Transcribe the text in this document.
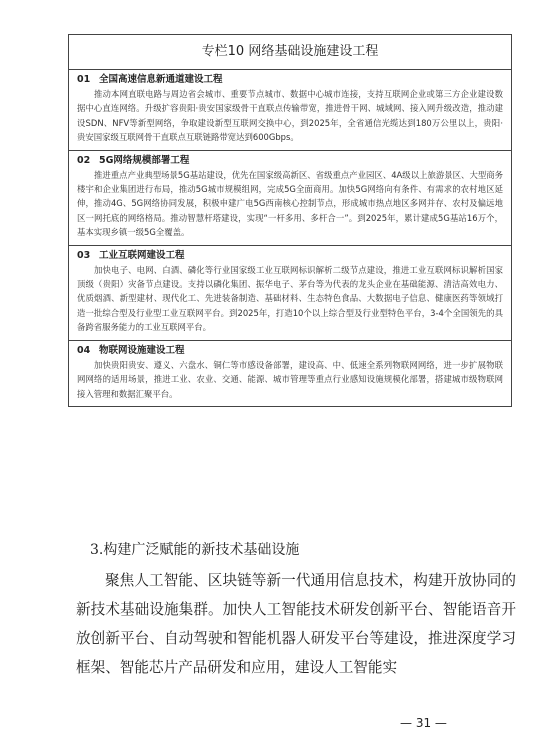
专栏10 网络基础设施建设工程
01 全国高速信息新通道建设工程

推动本网直联电路与周边省会城市、重要节点城市、数据中心城市连接，支持互联网企业或第三方企业建设数据中心直连网络。升级扩容贵阳·贵安国家级骨干直联点传输带宽，推进骨干网、城域网、接入网升级改造，推动建设SDN、NFV等新型网络，争取建设新型互联网交换中心，到2025年，全省通信光缆达到180万公里以上，贵阳·贵安国家级互联网骨干直联点互联链路带宽达到600Gbps。

02 5G网络规模部署工程

推进重点产业典型场景5G基站建设，优先在国家级高新区、省级重点产业园区、4A级以上旅游景区、大型商务楼宇和企业集团进行布局，推动5G城市规模组网，完成5G全面商用。加快5G网络向有条件、有需求的农村地区延伸，推动4G、5G网络协同发展，积极申建广电5G西南核心控制节点，形成城市热点地区多网并存、农村及偏远地区一网托底的网络格局。推动智慧杆塔建设，实现“一杆多用、多杆合一”。到2025年，累计建成5G基站16万个，基本实现乡镇一级5G全覆盖。

03 工业互联网建设工程

加快电子、电网、白酒、磷化等行业国家级工业互联网标识解析二级节点建设，推进工业互联网标识解析国家顶级（贵阳）灾备节点建设。支持以磷化集团、振华电子、茅台等为代表的龙头企业在基础能源、清洁高效电力、优质烟酒、新型建材、现代化工、先进装备制造、基础材料、生态特色食品、大数据电子信息、健康医药等领域打造一批综合型及行业型工业互联网平台。到2025年，打造10个以上综合型及行业型特色平台，3-4个全国领先的具备跨省服务能力的工业互联网平台。

04 物联网设施建设工程

加快贵阳贵安、遵义、六盘水、铜仁等市感设备部署，建设高、中、低速全系列物联网网络，进一步扩展物联网网络的适用场景，推进工业、农业、交通、能源、城市管理等重点行业感知设施规模化部署，搭建城市级物联网接入管理和数据汇聚平台。

3.构建广泛赋能的新技术基础设施

聚焦人工智能、区块链等新一代通用信息技术，构建开放协同的新技术基础设施集群。加快人工智能技术研发创新平台、智能语音开放创新平台、自动驾驶和智能机器人研发平台等建设，推进深度学习框架、智能芯片产品研发和应用，建设人工智能实

— 31 —
